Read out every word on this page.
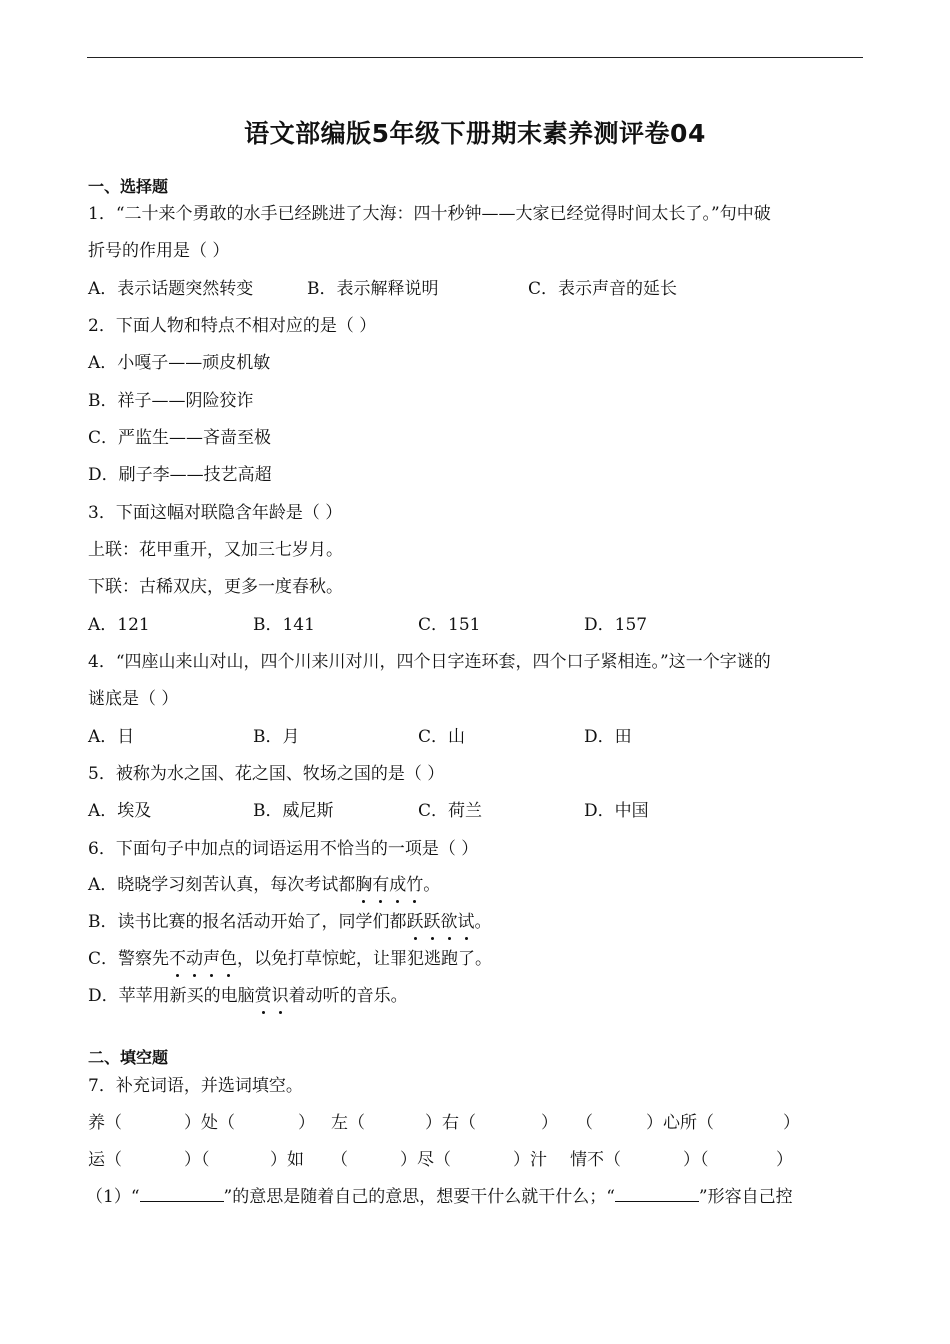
语文部编版5年级下册期末素养测评卷04
一、选择题
1．“二十来个勇敢的水手已经跳进了大海：四十秒钟——大家已经觉得时间太长了。”句中破
折号的作用是（ ）
A．表示话题突然转变	B．表示解释说明	C．表示声音的延长
2．下面人物和特点不相对应的是（ ）
A．小嘎子——顽皮机敏
B．祥子——阴险狡诈
C．严监生——吝啬至极
D．刷子李——技艺高超
3．下面这幅对联隐含年龄是（ ）
上联：花甲重开，又加三七岁月。
下联：古稀双庆，更多一度春秋。
A．121	B．141	C．151	D．157
4．“四座山来山对山，四个川来川对川，四个日字连环套，四个口子紧相连。”这一个字谜的
谜底是（ ）
A．日	B．月	C．山	D．田
5．被称为水之国、花之国、牧场之国的是（ ）
A．埃及	B．威尼斯	C．荷兰	D．中国
6．下面句子中加点的词语运用不恰当的一项是（ ）
A．晓晓学习刻苦认真，每次考试都胸有成竹。
B．读书比赛的报名活动开始了，同学们都跃跃欲试。
C．警察先不动声色，以免打草惊蛇，让罪犯逃跑了。
D．苹苹用新买的电脑赏识着动听的音乐。
二、填空题
7．补充词语，并选词填空。
养（	）处（	） 左（	）右（	） （	）心所（	）
运（	）（	）如 （	）尽（	）汁 情不（	）（	）
（1）“	”的意思是随着自己的意思，想要干什么就干什么；“	”形容自己控
